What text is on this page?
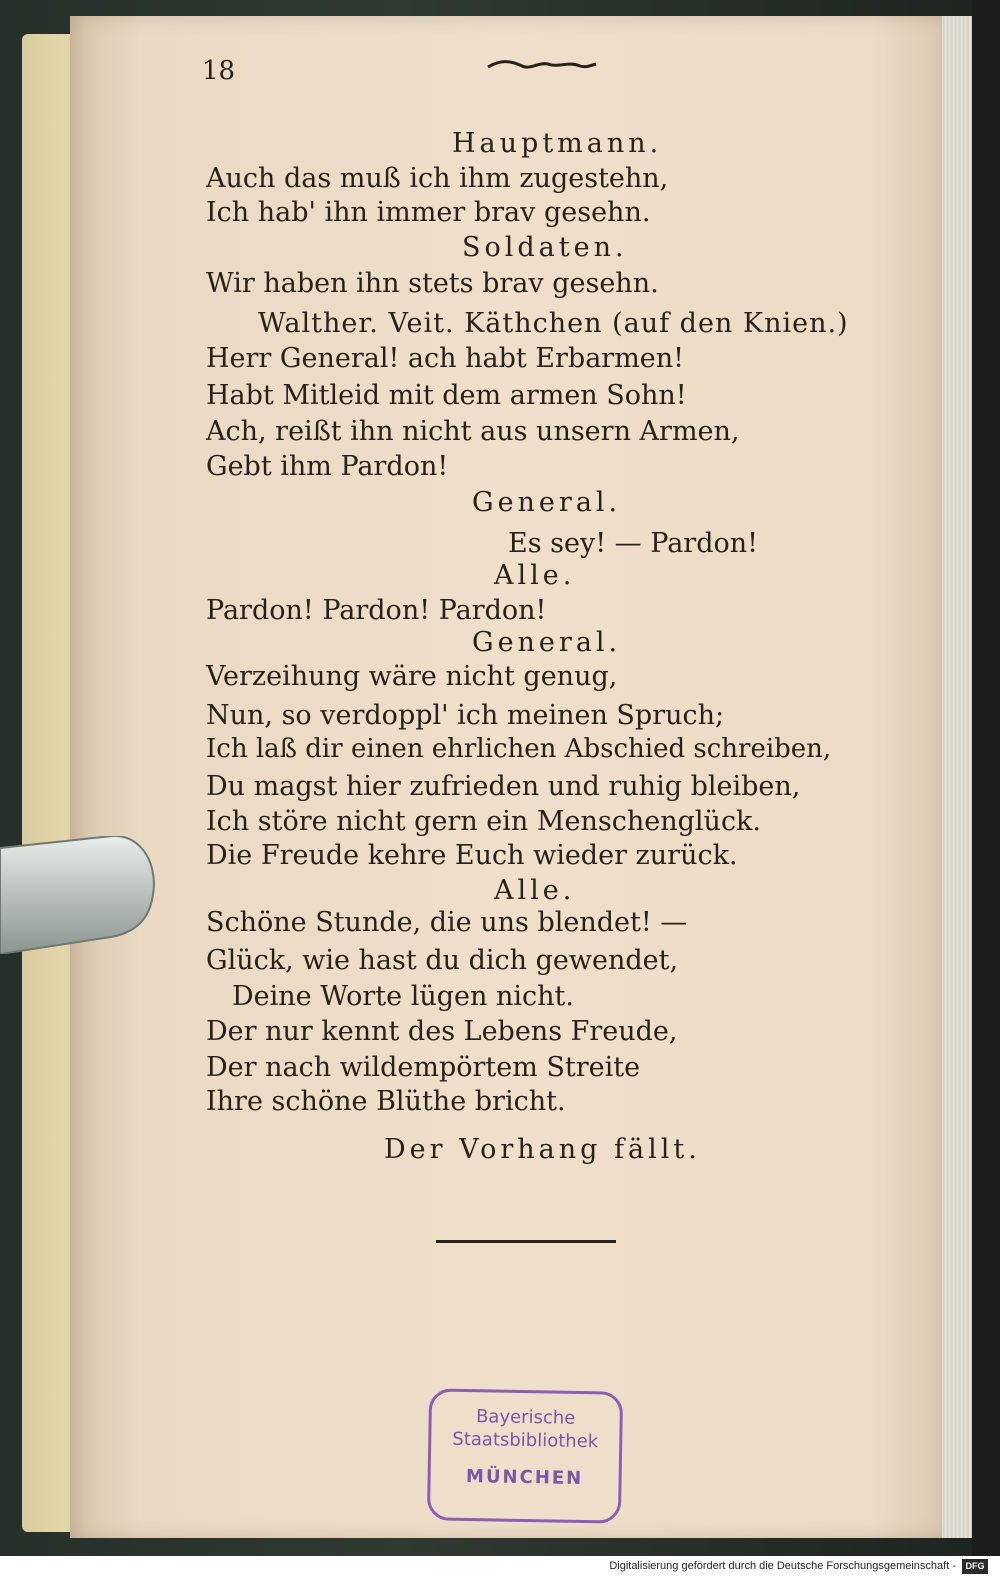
18
Hauptmann.
Auch das muß ich ihm zugestehn,
Ich hab' ihn immer brav gesehn.
Soldaten.
Wir haben ihn stets brav gesehn.
Walther. Veit. Käthchen (auf den Knien.)
Herr General! ach habt Erbarmen!
Habt Mitleid mit dem armen Sohn!
Ach, reißt ihn nicht aus unsern Armen,
Gebt ihm Pardon!
General.
Es sey! — Pardon!
Alle.
Pardon! Pardon! Pardon!
General.
Verzeihung wäre nicht genug,
Nun, so verdoppl' ich meinen Spruch;
Ich laß dir einen ehrlichen Abschied schreiben,
Du magst hier zufrieden und ruhig bleiben,
Ich störe nicht gern ein Menschenglück.
Die Freude kehre Euch wieder zurück.
Alle.
Schöne Stunde, die uns blendet! —
Glück, wie hast du dich gewendet,
Deine Worte lügen nicht.
Der nur kennt des Lebens Freude,
Der nach wildempörtem Streite
Ihre schöne Blüthe bricht.
Der Vorhang fällt.
Bayerische
Staatsbibliothek
MÜNCHEN
Digitalisierung gefördert durch die Deutsche Forschungsgemeinschaft -	DFG
